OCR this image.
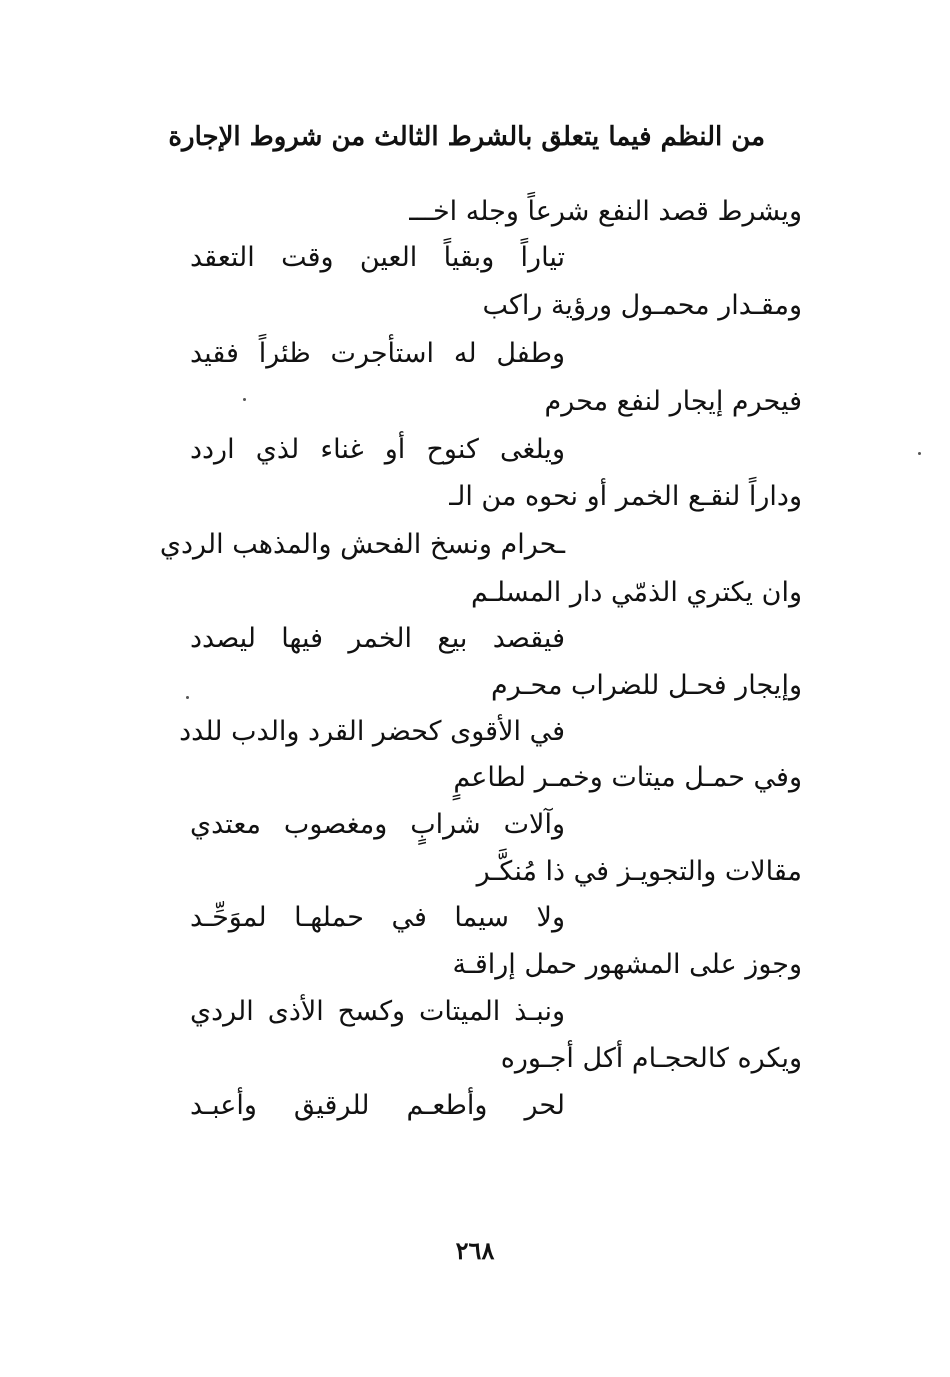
من النظم فيما يتعلق بالشرط الثالث من شروط الإجارة
ويشرط قصد النفع شرعاً وجله اخـــ
تياراً وبقياً العين وقت التعقد
ومقـدار محمـول ورؤية راكب
وطفل له استأجرت ظئراً فقيد
فيحرم إيجار لنفع محرم
ويلغى كنوح أو غناء لذي اردد
وداراً لنقـع الخمر أو نحوه من الـ
ـحرام ونسخ الفحش والمذهب الردي
وان يكتري الذمّي دار المسلـم
فيقصد بيع الخمر فيها ليصدد
وإيجار فحـل للضراب محـرم
في الأقوى كحضر القرد والدب للدد
وفي حمـل ميتات وخمـر لطاعمٍ
وآلات شرابٍ ومغصوب معتدي
مقالات والتجويـز في ذا مُنكَّـر
ولا سيما في حملهـا لموَحِّـد
وجوز على المشهور حمل إراقـة
ونبـذ الميتات وكسح الأذى الردي
ويكره كالحجـام أكل أجـوره
لحر وأطعـم للرقيق وأعبـد
٢٦٨
